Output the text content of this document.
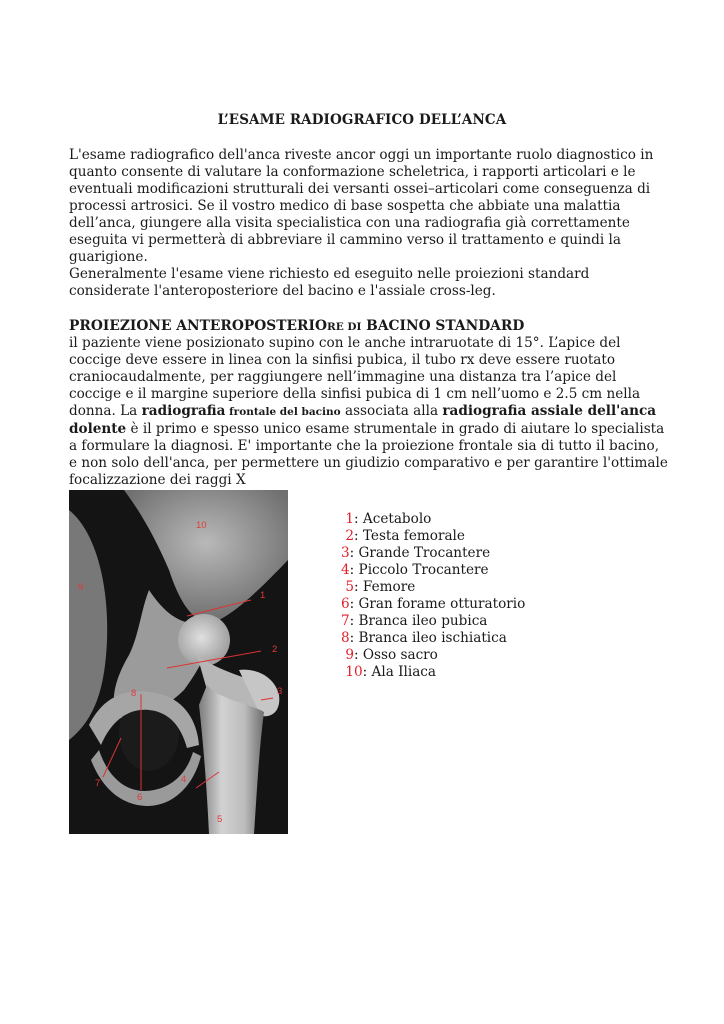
L’ESAME RADIOGRAFICO DELL’ANCA

L'esame radiografico dell'anca riveste ancor oggi un importante ruolo diagnostico in quanto consente di valutare la conformazione scheletrica, i rapporti articolari e le eventuali modificazioni strutturali dei versanti ossei–articolari come conseguenza di processi artrosici. Se il vostro medico di base sospetta che abbiate una malattia dell’anca, giungere alla visita specialistica con una radiografia già correttamente eseguita vi permetterà di abbreviare il cammino verso il trattamento e quindi la guarigione.

Generalmente l'esame viene richiesto ed eseguito nelle proiezioni standard considerate l'anteroposteriore del bacino e l'assiale cross-leg.

PROIEZIONE ANTEROPOSTERIORE DI BACINO STANDARD

il paziente viene posizionato supino con le anche intraruotate di 15°. L’apice del coccige deve essere in linea con la sinfisi pubica, il tubo rx deve essere ruotato craniocaudalmente, per raggiungere nell’immagine una distanza tra l’apice del coccige e il margine superiore della sinfisi pubica di 1 cm nell’uomo e 2.5 cm nella donna. La radiografia frontale del bacino associata alla radiografia assiale dell'anca dolente è il primo e spesso unico esame strumentale in grado di aiutare lo specialista a formulare la diagnosi. E' importante che la proiezione frontale sia di tutto il bacino, e non solo dell'anca, per permettere un giudizio comparativo e per garantire l'ottimale focalizzazione dei raggi X

1
2
3
4
5
6
7
8
9
10	1: Acetabolo
2: Testa femorale
3: Grande Trocantere
4: Piccolo Trocantere
5: Femore
6: Gran forame otturatorio
7: Branca ileo pubica
8: Branca ileo ischiatica
9: Osso sacro
10: Ala Iliaca
